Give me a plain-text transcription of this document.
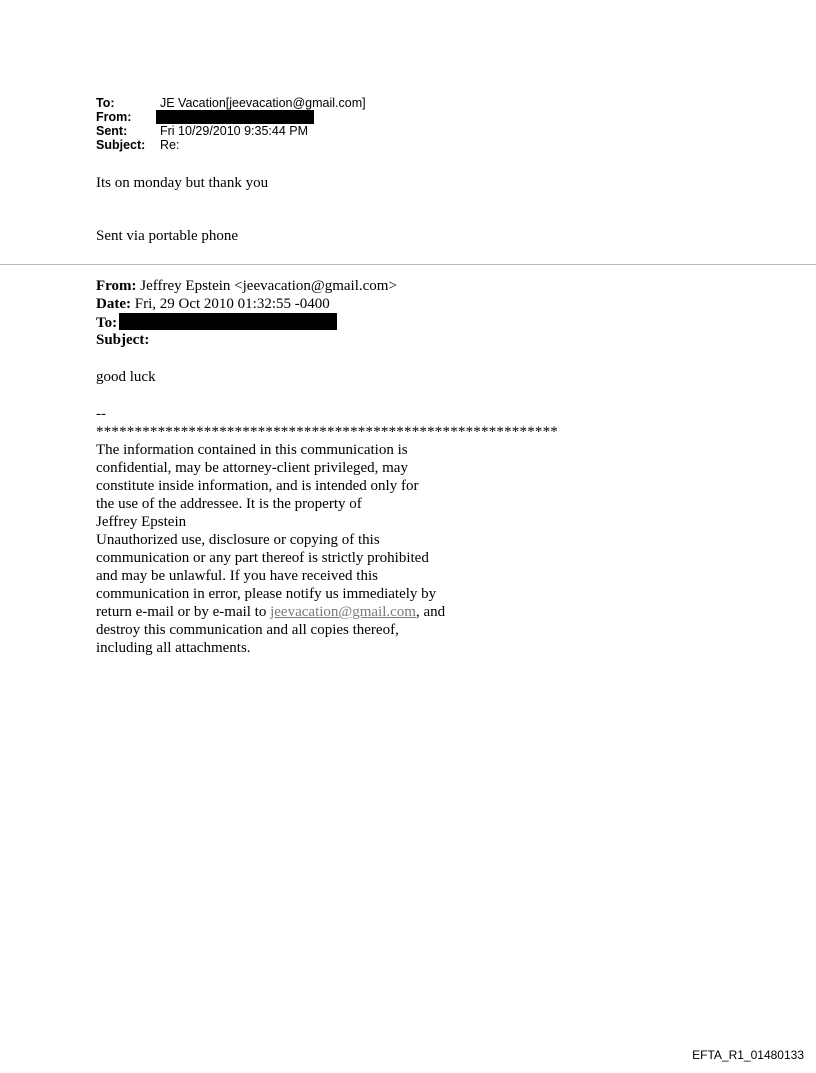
To:	JE Vacation[jeevacation@gmail.com]
From:
Sent:	Fri 10/29/2010 9:35:44 PM
Subject:	Re:
Its on monday but thank you
Sent via portable phone
From: Jeffrey Epstein <jeevacation@gmail.com>
Date: Fri, 29 Oct 2010 01:32:55 -0400
To:
Subject:
good luck
--
************************************************************
The information contained in this communication is
confidential, may be attorney-client privileged, may
constitute inside information, and is intended only for
the use of the addressee. It is the property of
Jeffrey Epstein
Unauthorized use, disclosure or copying of this
communication or any part thereof is strictly prohibited
and may be unlawful. If you have received this
communication in error, please notify us immediately by
return e-mail or by e-mail to jeevacation@gmail.com, and
destroy this communication and all copies thereof,
including all attachments.
EFTA_R1_01480133
